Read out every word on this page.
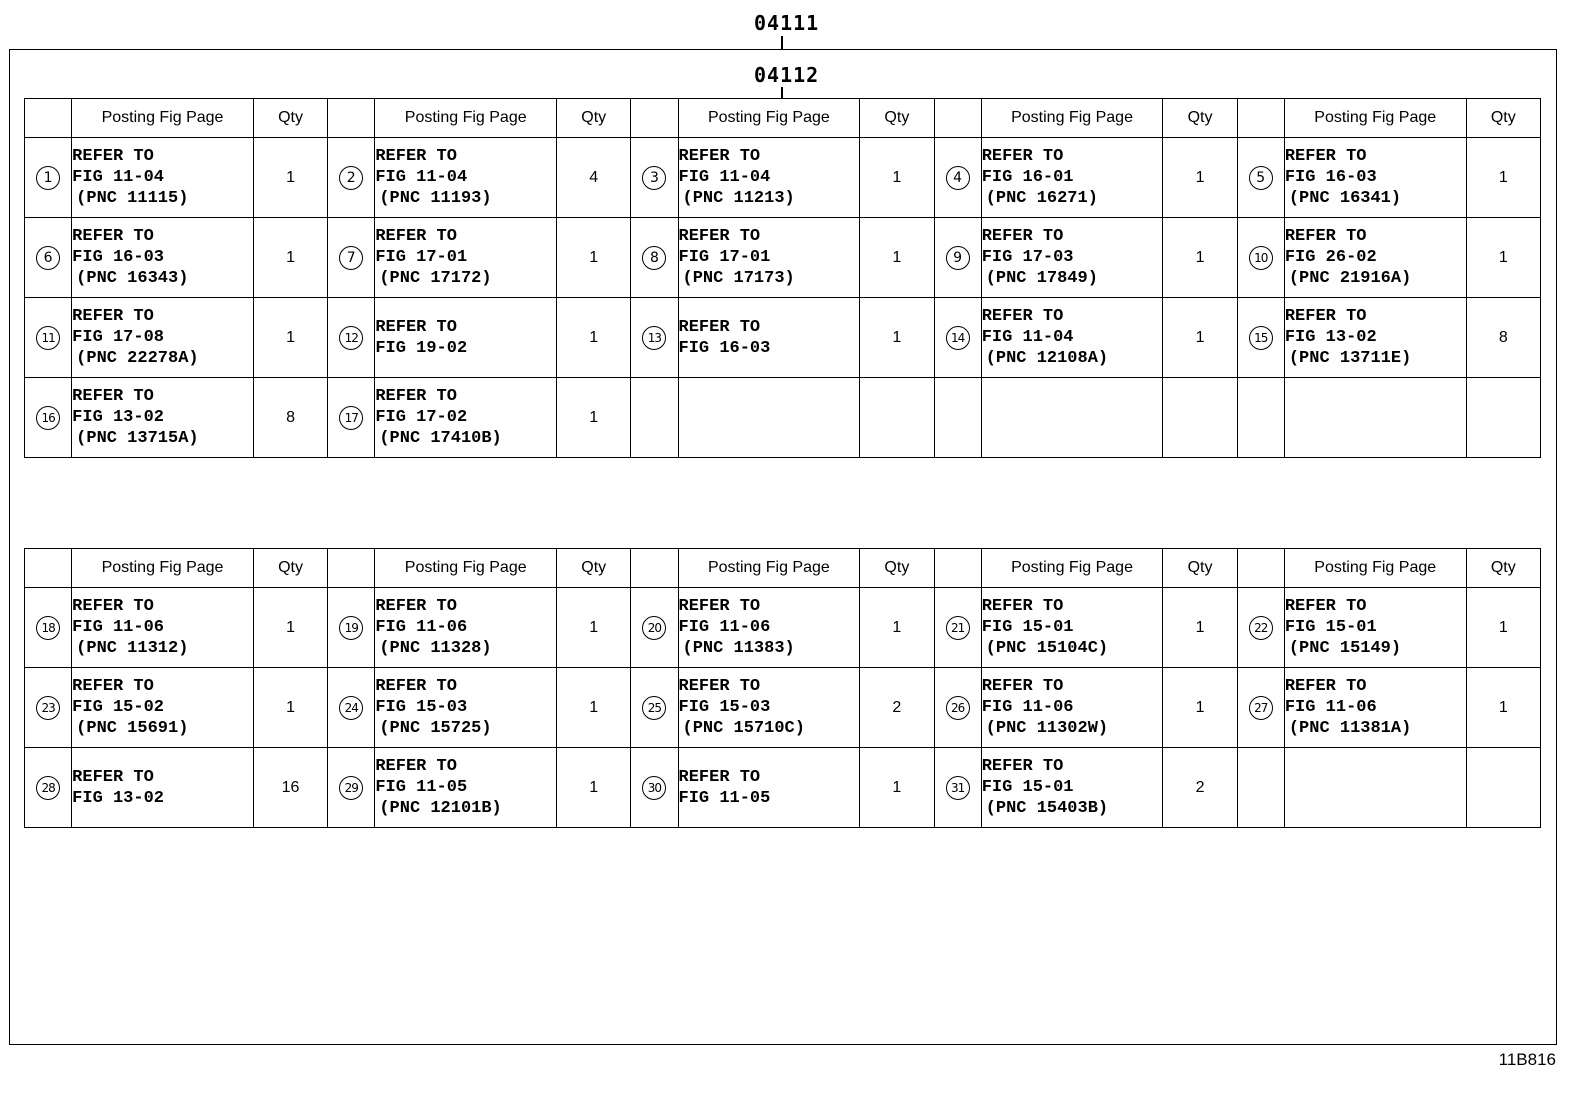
04111
04112
	Posting Fig Page	Qty		Posting Fig Page	Qty		Posting Fig Page	Qty		Posting Fig Page	Qty		Posting Fig Page	Qty
1	REFER TO
FIG 11-04
(PNC 11115)	1	2	REFER TO
FIG 11-04
(PNC 11193)	4	3	REFER TO
FIG 11-04
(PNC 11213)	1	4	REFER TO
FIG 16-01
(PNC 16271)	1	5	REFER TO
FIG 16-03
(PNC 16341)	1
6	REFER TO
FIG 16-03
(PNC 16343)	1	7	REFER TO
FIG 17-01
(PNC 17172)	1	8	REFER TO
FIG 17-01
(PNC 17173)	1	9	REFER TO
FIG 17-03
(PNC 17849)	1	10	REFER TO
FIG 26-02
(PNC 21916A)	1
11	REFER TO
FIG 17-08
(PNC 22278A)	1	12	REFER TO
FIG 19-02	1	13	REFER TO
FIG 16-03	1	14	REFER TO
FIG 11-04
(PNC 12108A)	1	15	REFER TO
FIG 13-02
(PNC 13711E)	8
16	REFER TO
FIG 13-02
(PNC 13715A)	8	17	REFER TO
FIG 17-02
(PNC 17410B)	1									
	Posting Fig Page	Qty		Posting Fig Page	Qty		Posting Fig Page	Qty		Posting Fig Page	Qty		Posting Fig Page	Qty
18	REFER TO
FIG 11-06
(PNC 11312)	1	19	REFER TO
FIG 11-06
(PNC 11328)	1	20	REFER TO
FIG 11-06
(PNC 11383)	1	21	REFER TO
FIG 15-01
(PNC 15104C)	1	22	REFER TO
FIG 15-01
(PNC 15149)	1
23	REFER TO
FIG 15-02
(PNC 15691)	1	24	REFER TO
FIG 15-03
(PNC 15725)	1	25	REFER TO
FIG 15-03
(PNC 15710C)	2	26	REFER TO
FIG 11-06
(PNC 11302W)	1	27	REFER TO
FIG 11-06
(PNC 11381A)	1
28	REFER TO
FIG 13-02	16	29	REFER TO
FIG 11-05
(PNC 12101B)	1	30	REFER TO
FIG 11-05	1	31	REFER TO
FIG 15-01
(PNC 15403B)	2			
11B816
